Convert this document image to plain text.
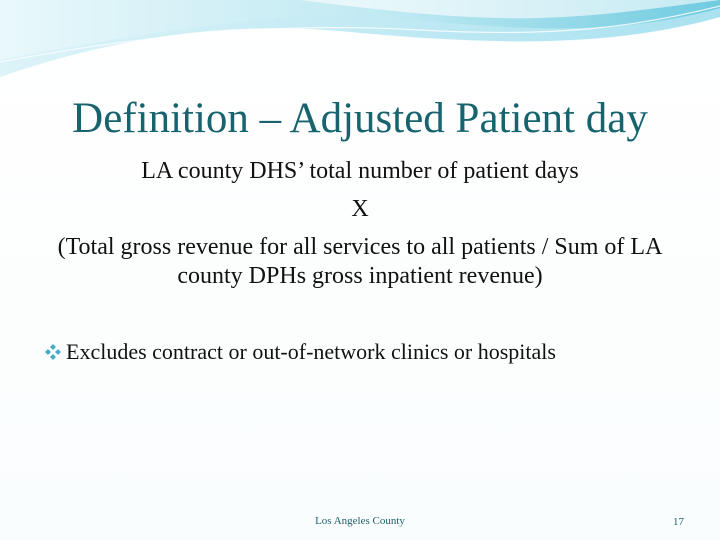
Definition – Adjusted Patient day
LA county DHS’ total number of patient days
X
(Total gross revenue for all services to all patients / Sum of LA county DPHs gross inpatient revenue)
Excludes contract or out-of-network clinics or hospitals
Los Angeles County	17
